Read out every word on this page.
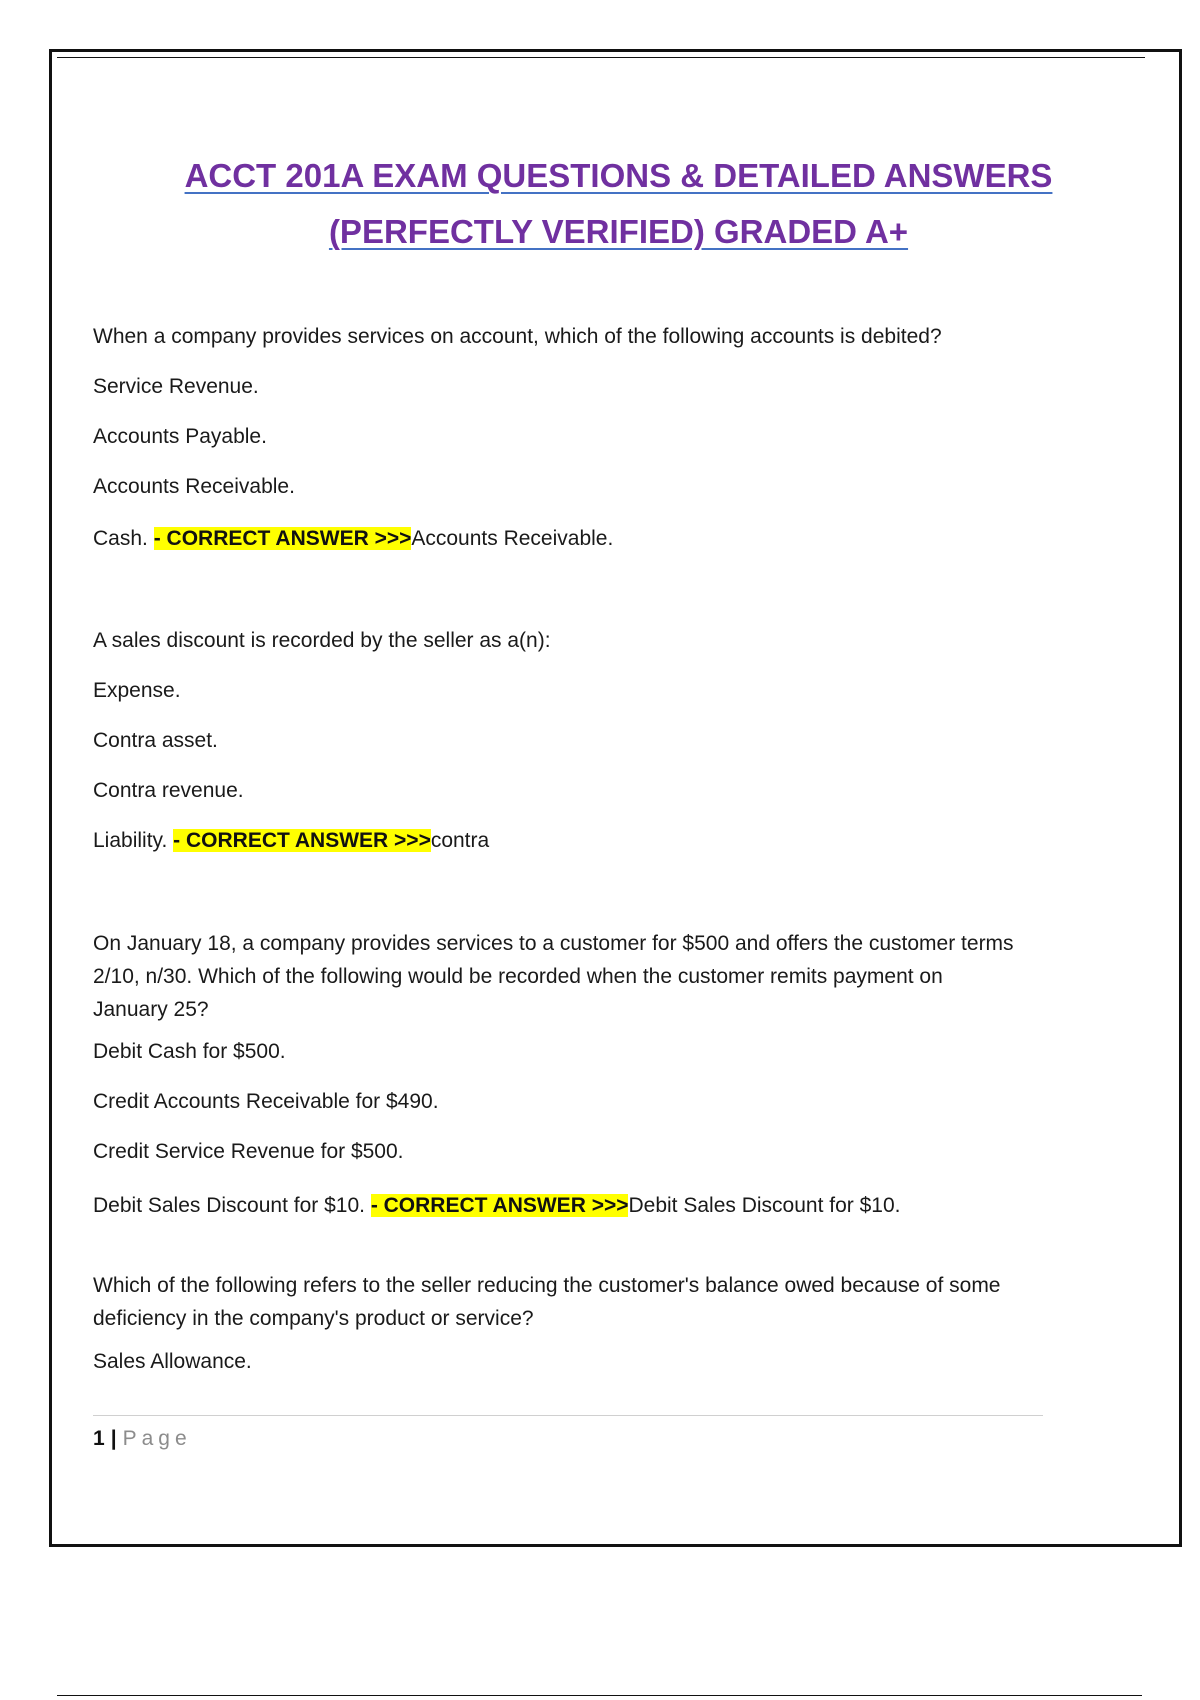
ACCT 201A EXAM QUESTIONS & DETAILED ANSWERS
(PERFECTLY VERIFIED) GRADED A+
When a company provides services on account, which of the following accounts is debited?
Service Revenue.
Accounts Payable.
Accounts Receivable.
Cash. - CORRECT ANSWER >>>Accounts Receivable.
A sales discount is recorded by the seller as a(n):
Expense.
Contra asset.
Contra revenue.
Liability. - CORRECT ANSWER >>>contra
On January 18, a company provides services to a customer for $500 and offers the customer terms 2/10, n/30. Which of the following would be recorded when the customer remits payment on January 25?
Debit Cash for $500.
Credit Accounts Receivable for $490.
Credit Service Revenue for $500.
Debit Sales Discount for $10. - CORRECT ANSWER >>>Debit Sales Discount for $10.
Which of the following refers to the seller reducing the customer's balance owed because of some deficiency in the company's product or service?
Sales Allowance.
1 | Page
